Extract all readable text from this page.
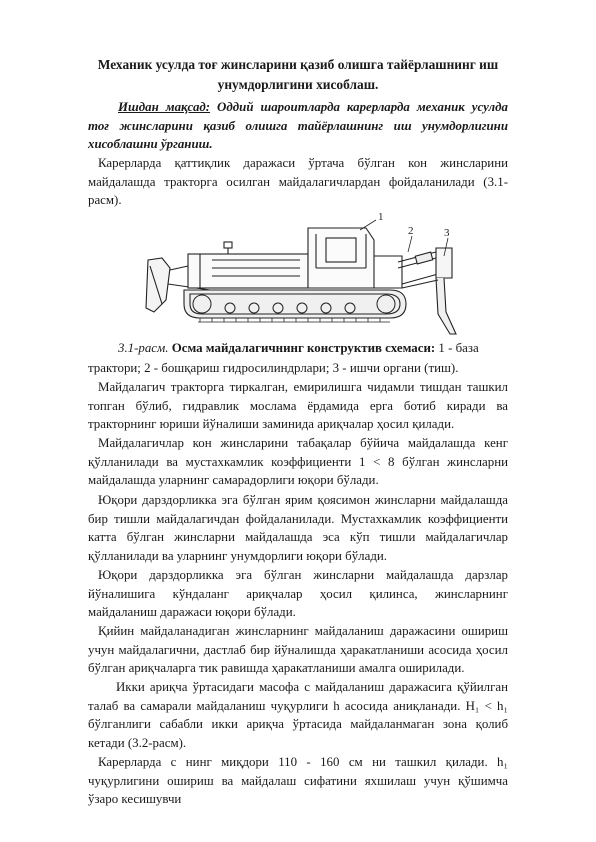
Механик усулда тоғ жинсларини қазиб олишга тайёрлашнинг иш
унумдорлигини хисоблаш.

Ишдан мақсад: Оддий шароитларда карерларда механик усулда тоғ жинсларини қазиб олишга тайёрлашнинг иш унумдорлигини хисоблашни ўрганиш.

Карерларда қаттиқлик даражаси ўртача бўлган кон жинсларини майдалашда тракторга осилган майдалагичлардан фойдаланилади (3.1-расм).

1
2	3
3.1-расм. Осма майдалагичнинг конструктив схемаси: 1 - база
трактори; 2 - бошқариш гидросилиндрлари; 3 - ишчи органи (тиш).

Майдалагич тракторга тиркалган, емирилишга чидамли тишдан ташкил топган бўлиб, гидравлик мослама ёрдамида ерга ботиб киради ва тракторнинг юриши йўналиши заминида ариқчалар ҳосил қилади.

Майдалагичлар кон жинсларини табақалар бўйича майдалашда кенг қўлланилади ва мустахкамлик коэффициенти 1 < 8 бўлган жинсларни майдалашда уларнинг самарадорлиги юқори бўлади.

Юқори дарздорликка эга бўлган ярим қоясимон жинсларни майдалашда бир тишли майдалагичдан фойдаланилади. Мустахкамлик коэффициенти катта бўлган жинсларни майдалашда эса кўп тишли майдалагичлар қўлланилади ва уларнинг унумдорлиги юқори бўлади.

Юқори дарздорликка эга бўлган жинсларни майдалашда дарзлар йўналишига кўндаланг ариқчалар ҳосил қилинса, жинсларнинг майдаланиш даражаси юқори бўлади.

Қийин майдаланадиган жинсларнинг майдаланиш даражасини ошириш учун майдалагични, дастлаб бир йўналишда ҳаракатланиши асосида ҳосил бўлган ариқчаларга тик равишда ҳаракатланиши амалга оширилади.

Икки ариқча ўртасидаги масофа с майдаланиш даражасига қўйилган талаб ва самарали майдаланиш чуқурлиги h асосида аниқланади. H₁ < h₁ бўлганлиги сабабли икки ариқча ўртасида майдаланмаган зона қолиб кетади (3.2-расм).

Карерларда с нинг миқдори 110 - 160 см ни ташкил қилади. h₁ чуқурлигини ошириш ва майдалаш сифатини яхшилаш учун қўшимча ўзаро кесишувчи
